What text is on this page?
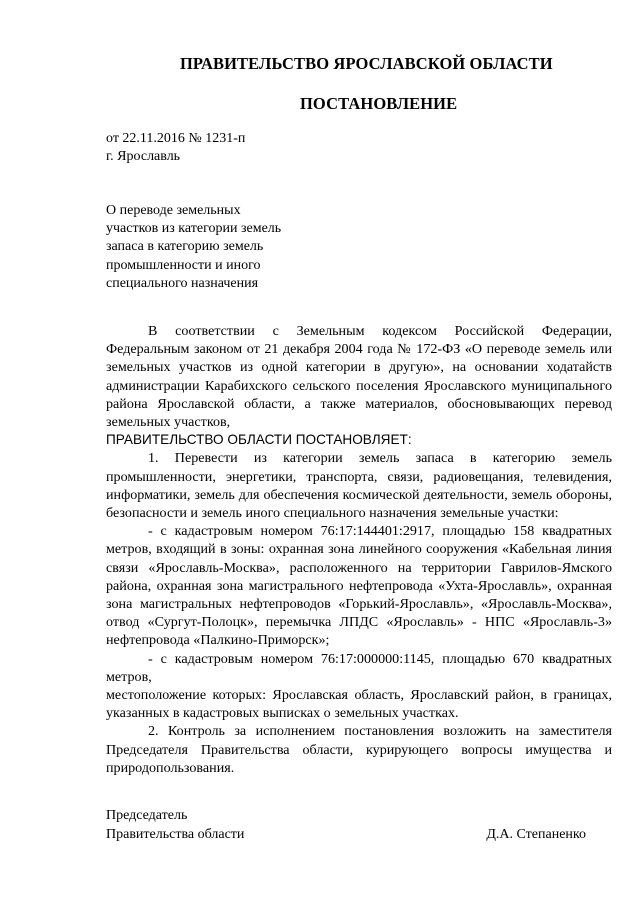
ПРАВИТЕЛЬСТВО ЯРОСЛАВСКОЙ ОБЛАСТИ
ПОСТАНОВЛЕНИЕ
от 22.11.2016 № 1231-п
г. Ярославль
О переводе земельных
участков из категории земель
запаса в категорию земель
промышленности и иного
специального назначения

В соответствии с Земельным кодексом Российской Федерации, Федеральным законом от 21 декабря 2004 года № 172-ФЗ «О переводе земель или земельных участков из одной категории в другую», на основании ходатайств администрации Карабихского сельского поселения Ярославского муниципального района Ярославской области, а также материалов, обосновывающих перевод земельных участков,

ПРАВИТЕЛЬСТВО ОБЛАСТИ ПОСТАНОВЛЯЕТ:

1. Перевести из категории земель запаса в категорию земель промышленности, энергетики, транспорта, связи, радиовещания, телевидения, информатики, земель для обеспечения космической деятельности, земель обороны, безопасности и земель иного специального назначения земельные участки:

- с кадастровым номером 76:17:144401:2917, площадью 158 квадратных метров, входящий в зоны: охранная зона линейного сооружения «Кабельная линия связи «Ярославль-Москва», расположенного на территории Гаврилов-Ямского района, охранная зона магистрального нефтепровода «Ухта-Ярославль», охранная зона магистральных нефтепроводов «Горький-Ярославль», «Ярославль-Москва», отвод «Сургут-Полоцк», перемычка ЛПДС «Ярославль» - НПС «Ярославль-3» нефтепровода «Палкино-Приморск»;

- с кадастровым номером 76:17:000000:1145, площадью 670 квадратных метров,

местоположение которых: Ярославская область, Ярославский район, в границах, указанных в кадастровых выписках о земельных участках.

2. Контроль за исполнением постановления возложить на заместителя Председателя Правительства области, курирующего вопросы имущества и природопользования.

Председатель
Правительства области	Д.А. Степаненко
